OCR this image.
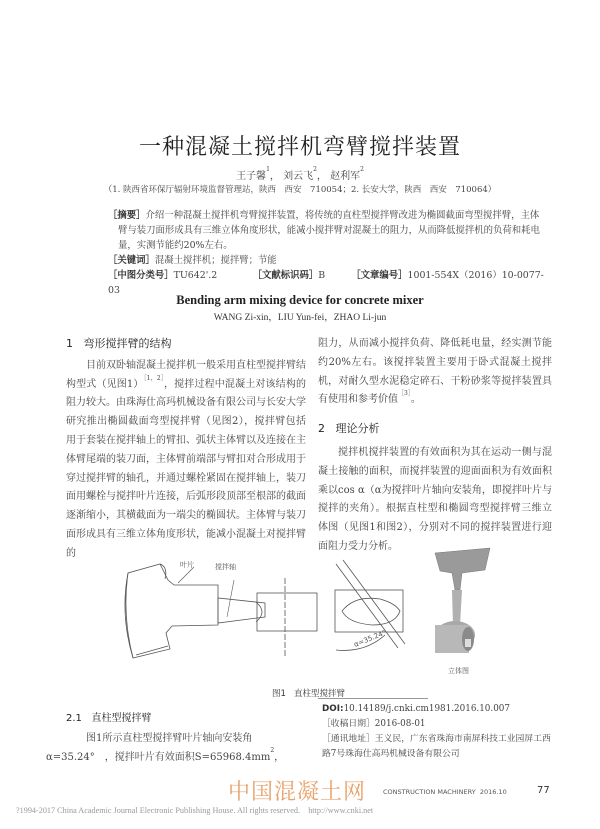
一种混凝土搅拌机弯臂搅拌装置
王子馨$^1$， 刘云飞$^2$， 赵利军$^2$
（1. 陕西省环保厅辐射环境监督管理站，陕西　西安　710054；2. 长安大学，陕西　西安　710064）
［摘要］介绍一种混凝土搅拌机弯臂搅拌装置，将传统的直柱型搅拌臂改进为椭圆截面弯型搅拌臂，主体臂与装刀面形成具有三维立体角度形状，能减小搅拌臂对混凝土的阻力，从而降低搅拌机的负荷和耗电量，实测节能约20%左右。
［关键词］混凝土搅拌机；搅拌臂；节能
［中图分类号］TU642'.2	［文献标识码］B	［文章编号］1001-554X（2016）10-0077-03
Bending arm mixing device for concrete mixer
WANG Zi-xin，LIU Yun-fei，ZHAO Li-jun
1 弯形搅拌臂的结构

目前双卧轴混凝土搅拌机一般采用直柱型搅拌臂结构型式（见图1）$^{[1,2]}$，搅拌过程中混凝土对该结构的阻力较大。由珠海仕高玛机械设备有限公司与长安大学研究推出椭圆截面弯型搅拌臂（见图2），搅拌臂包括用于套装在搅拌轴上的臂扣、弧状主体臂以及连接在主体臂尾端的装刀面，主体臂前端部与臂扣对合形成用于穿过搅拌臂的轴孔，并通过螺栓紧固在搅拌轴上，装刀面用螺栓与搅拌叶片连接，后弧形段顶部至根部的截面逐渐缩小，其横截面为一端尖的椭圆状。主体臂与装刀面形成具有三维立体角度形状，能减小混凝土对搅拌臂的

阻力，从而减小搅拌负荷、降低耗电量，经实测节能约20%左右。该搅拌装置主要用于卧式混凝土搅拌机，对耐久型水泥稳定碎石、干粉砂浆等搅拌装置具有使用和参考价值$^{[3]}$。

2 理论分析

搅拌机搅拌装置的有效面积为其在运动一侧与混凝土接触的面积，而搅拌装置的迎面面积为有效面积乘以cos α（α为搅拌叶片轴向安装角，即搅拌叶片与搅拌的夹角）。根据直柱型和椭圆弯型搅拌臂三维立体图（见图1和图2），分别对不同的搅拌装置进行迎面阻力受力分析。

叶片	搅拌轴
α=35.24°
立体图
图1 直柱型搅拌臂
2.1 直柱型搅拌臂

图1所示直柱型搅拌臂叶片轴向安装角
α=35.24°　，搅拌叶片有效面积$S=65968.4mm^2$，

DOI:10.14189/j.cnki.cm1981.2016.10.007
［收稿日期］2016-08-01
［通讯地址］王义民，广东省珠海市南屏科技工业园屏工西路7号珠海仕高玛机械设备有限公司
中国混凝土网	CONSTRUCTION MACHINERY 2016.10	77
?1994-2017 China Academic Journal Electronic Publishing House. All rights reserved. http://www.cnki.net
